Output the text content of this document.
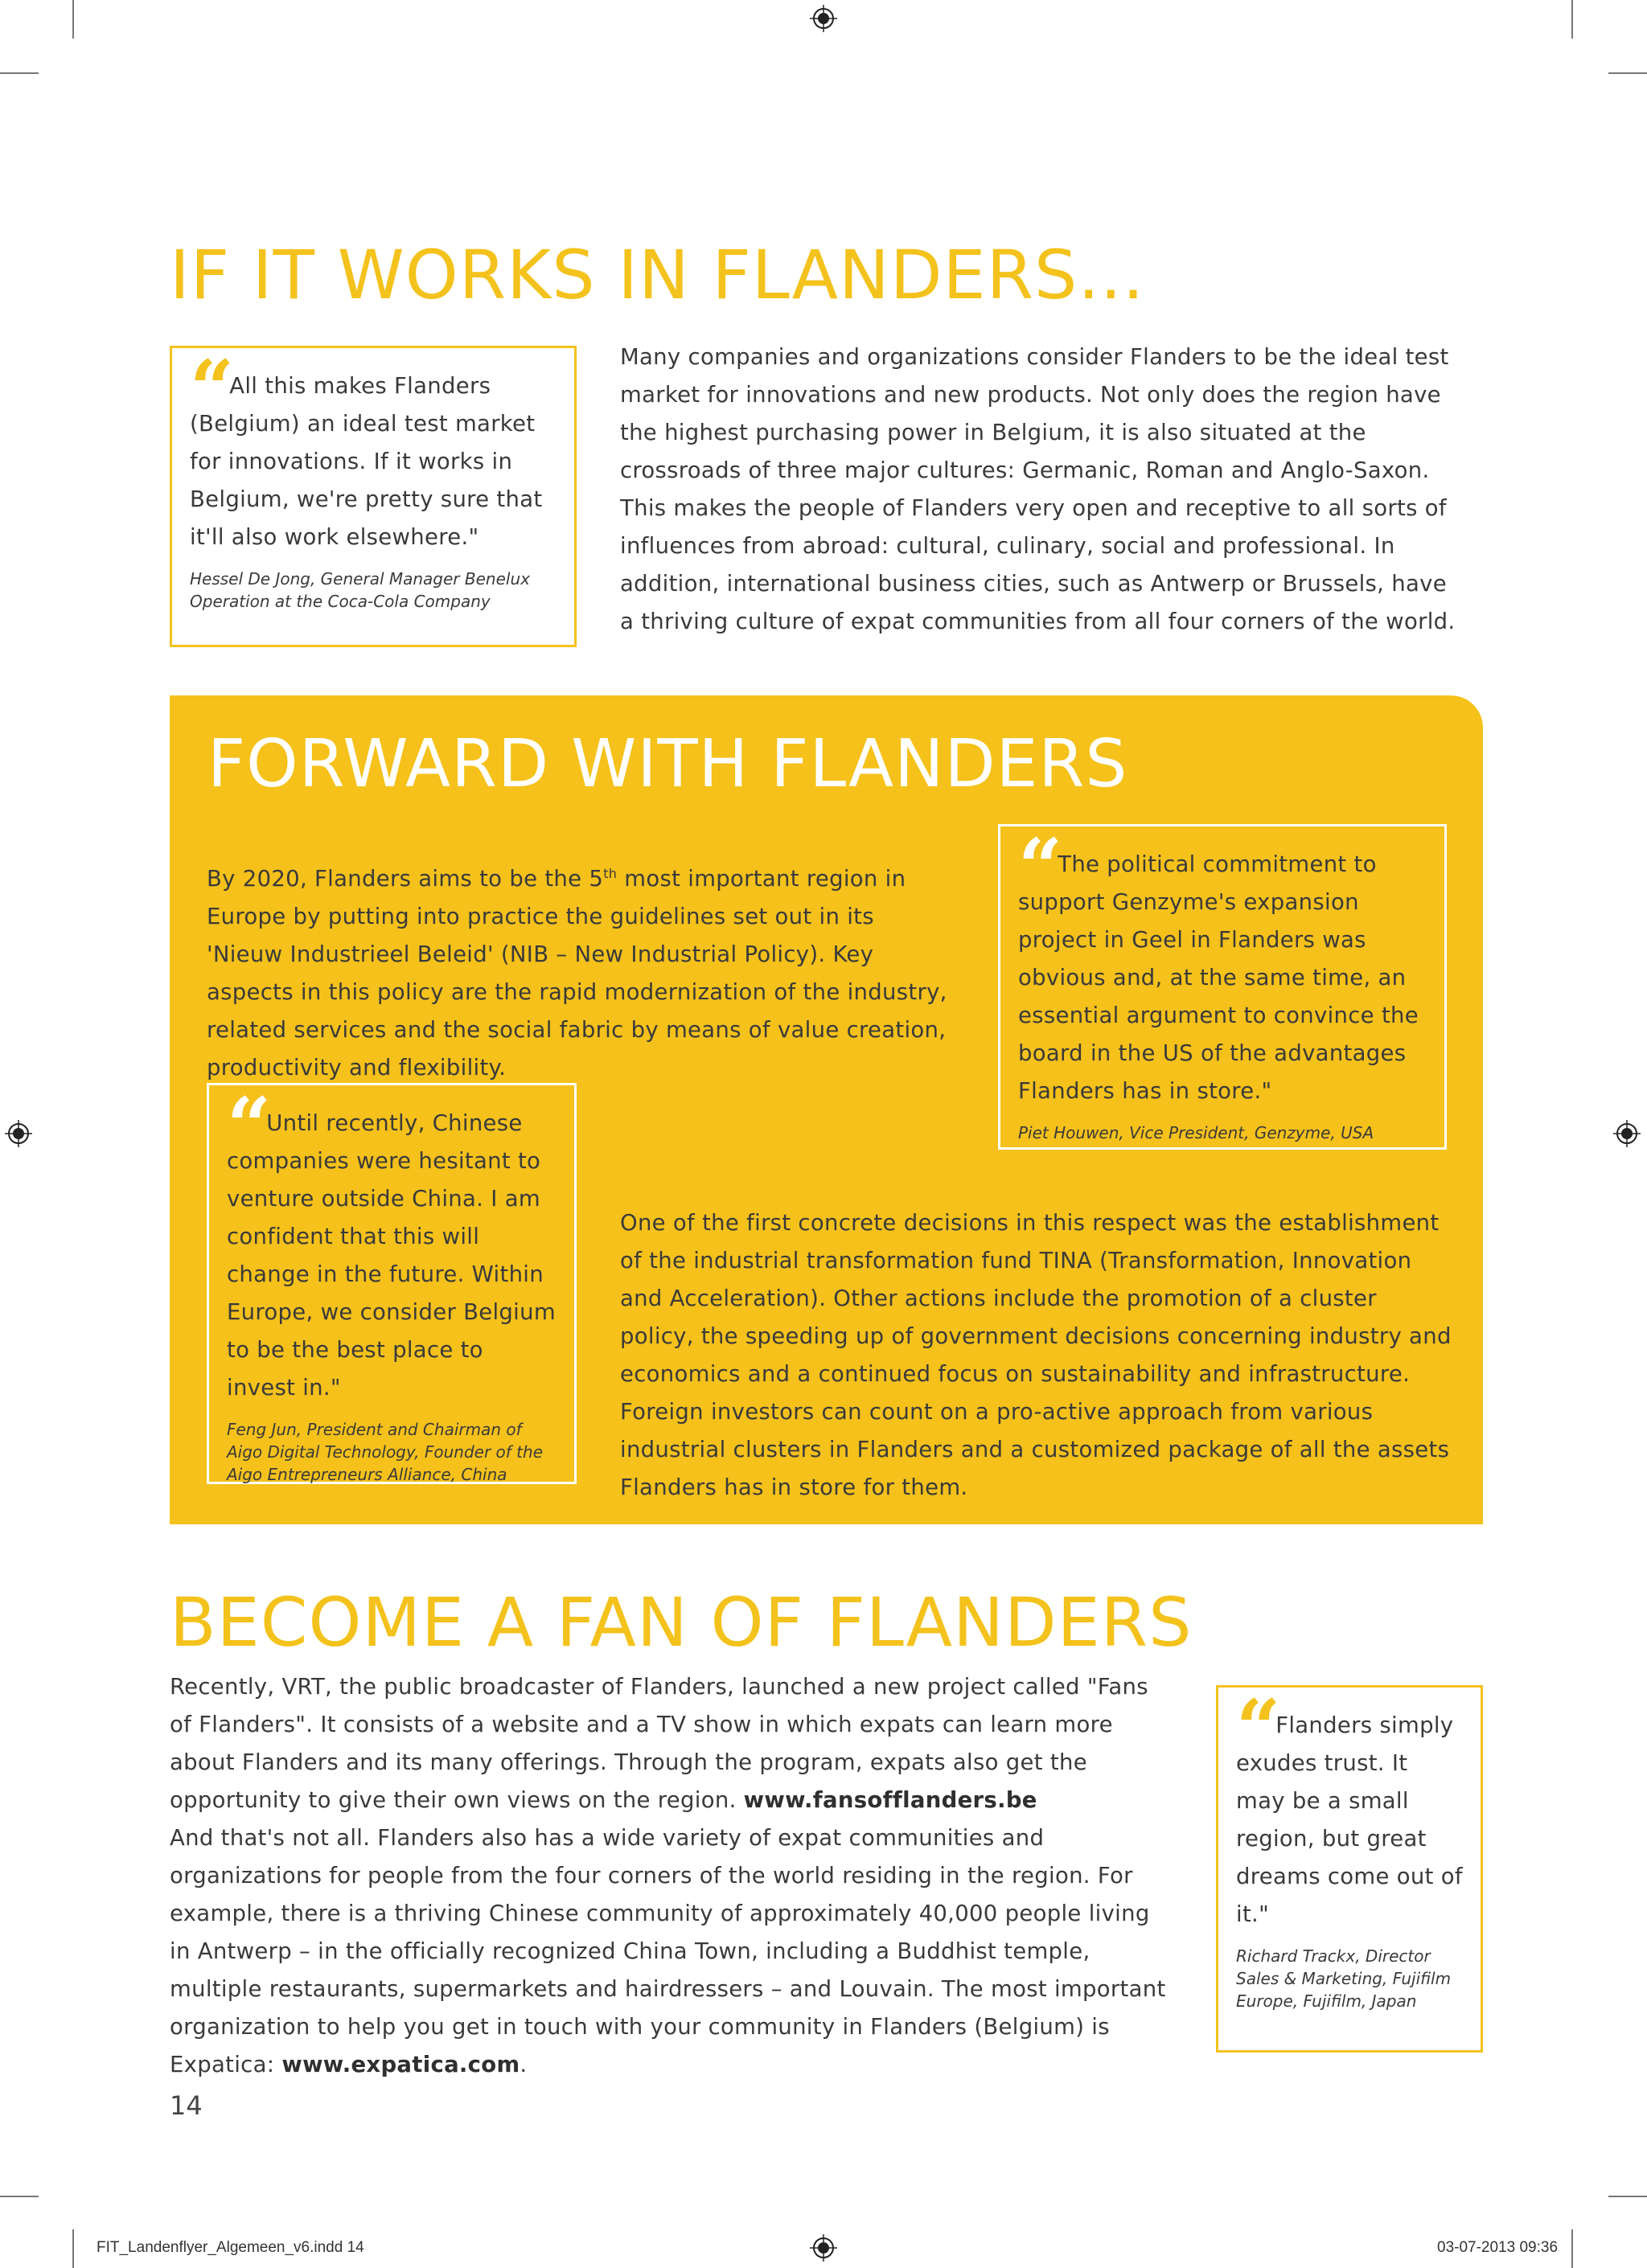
IF IT WORKS IN FLANDERS...

“All this makes Flanders (Belgium) an ideal test market for innovations. If it works in Belgium, we're pretty sure that it'll also work elsewhere."

Hessel De Jong, General Manager Benelux Operation at the Coca-Cola Company

Many companies and organizations consider Flanders to be the ideal test market for innovations and new products. Not only does the region have the highest purchasing power in Belgium, it is also situated at the crossroads of three major cultures: Germanic, Roman and Anglo-Saxon. This makes the people of Flanders very open and receptive to all sorts of influences from abroad: cultural, culinary, social and professional. In addition, international business cities, such as Antwerp or Brussels, have a thriving culture of expat communities from all four corners of the world.

FORWARD WITH FLANDERS

By 2020, Flanders aims to be the 5th most important region in Europe by putting into practice the guidelines set out in its 'Nieuw Industrieel Beleid' (NIB – New Industrial Policy). Key aspects in this policy are the rapid modernization of the industry, related services and the social fabric by means of value creation, productivity and flexibility.

“The political commitment to support Genzyme's expansion project in Geel in Flanders was obvious and, at the same time, an essential argument to convince the board in the US of the advantages Flanders has in store."

Piet Houwen, Vice President, Genzyme, USA

“Until recently, Chinese companies were hesitant to venture outside China. I am confident that this will change in the future. Within Europe, we consider Belgium to be the best place to invest in."

Feng Jun, President and Chairman of Aigo Digital Technology, Founder of the Aigo Entrepreneurs Alliance, China

One of the first concrete decisions in this respect was the establishment of the industrial transformation fund TINA (Transformation, Innovation and Acceleration). Other actions include the promotion of a cluster policy, the speeding up of government decisions concerning industry and economics and a continued focus on sustainability and infrastructure. Foreign investors can count on a pro-active approach from various industrial clusters in Flanders and a customized package of all the assets Flanders has in store for them.

BECOME A FAN OF FLANDERS

Recently, VRT, the public broadcaster of Flanders, launched a new project called "Fans of Flanders". It consists of a website and a TV show in which expats can learn more about Flanders and its many offerings. Through the program, expats also get the opportunity to give their own views on the region. www.fansofflanders.be
And that's not all. Flanders also has a wide variety of expat communities and organizations for people from the four corners of the world residing in the region. For example, there is a thriving Chinese community of approximately 40,000 people living in Antwerp – in the officially recognized China Town, including a Buddhist temple, multiple restaurants, supermarkets and hairdressers – and Louvain. The most important organization to help you get in touch with your community in Flanders (Belgium) is Expatica: www.expatica.com.

“Flanders simply exudes trust. It may be a small region, but great dreams come out of it."

Richard Trackx, Director Sales & Marketing, Fujifilm Europe, Fujifilm, Japan

14
FIT_Landenflyer_Algemeen_v6.indd 14	03-07-2013 09:36
